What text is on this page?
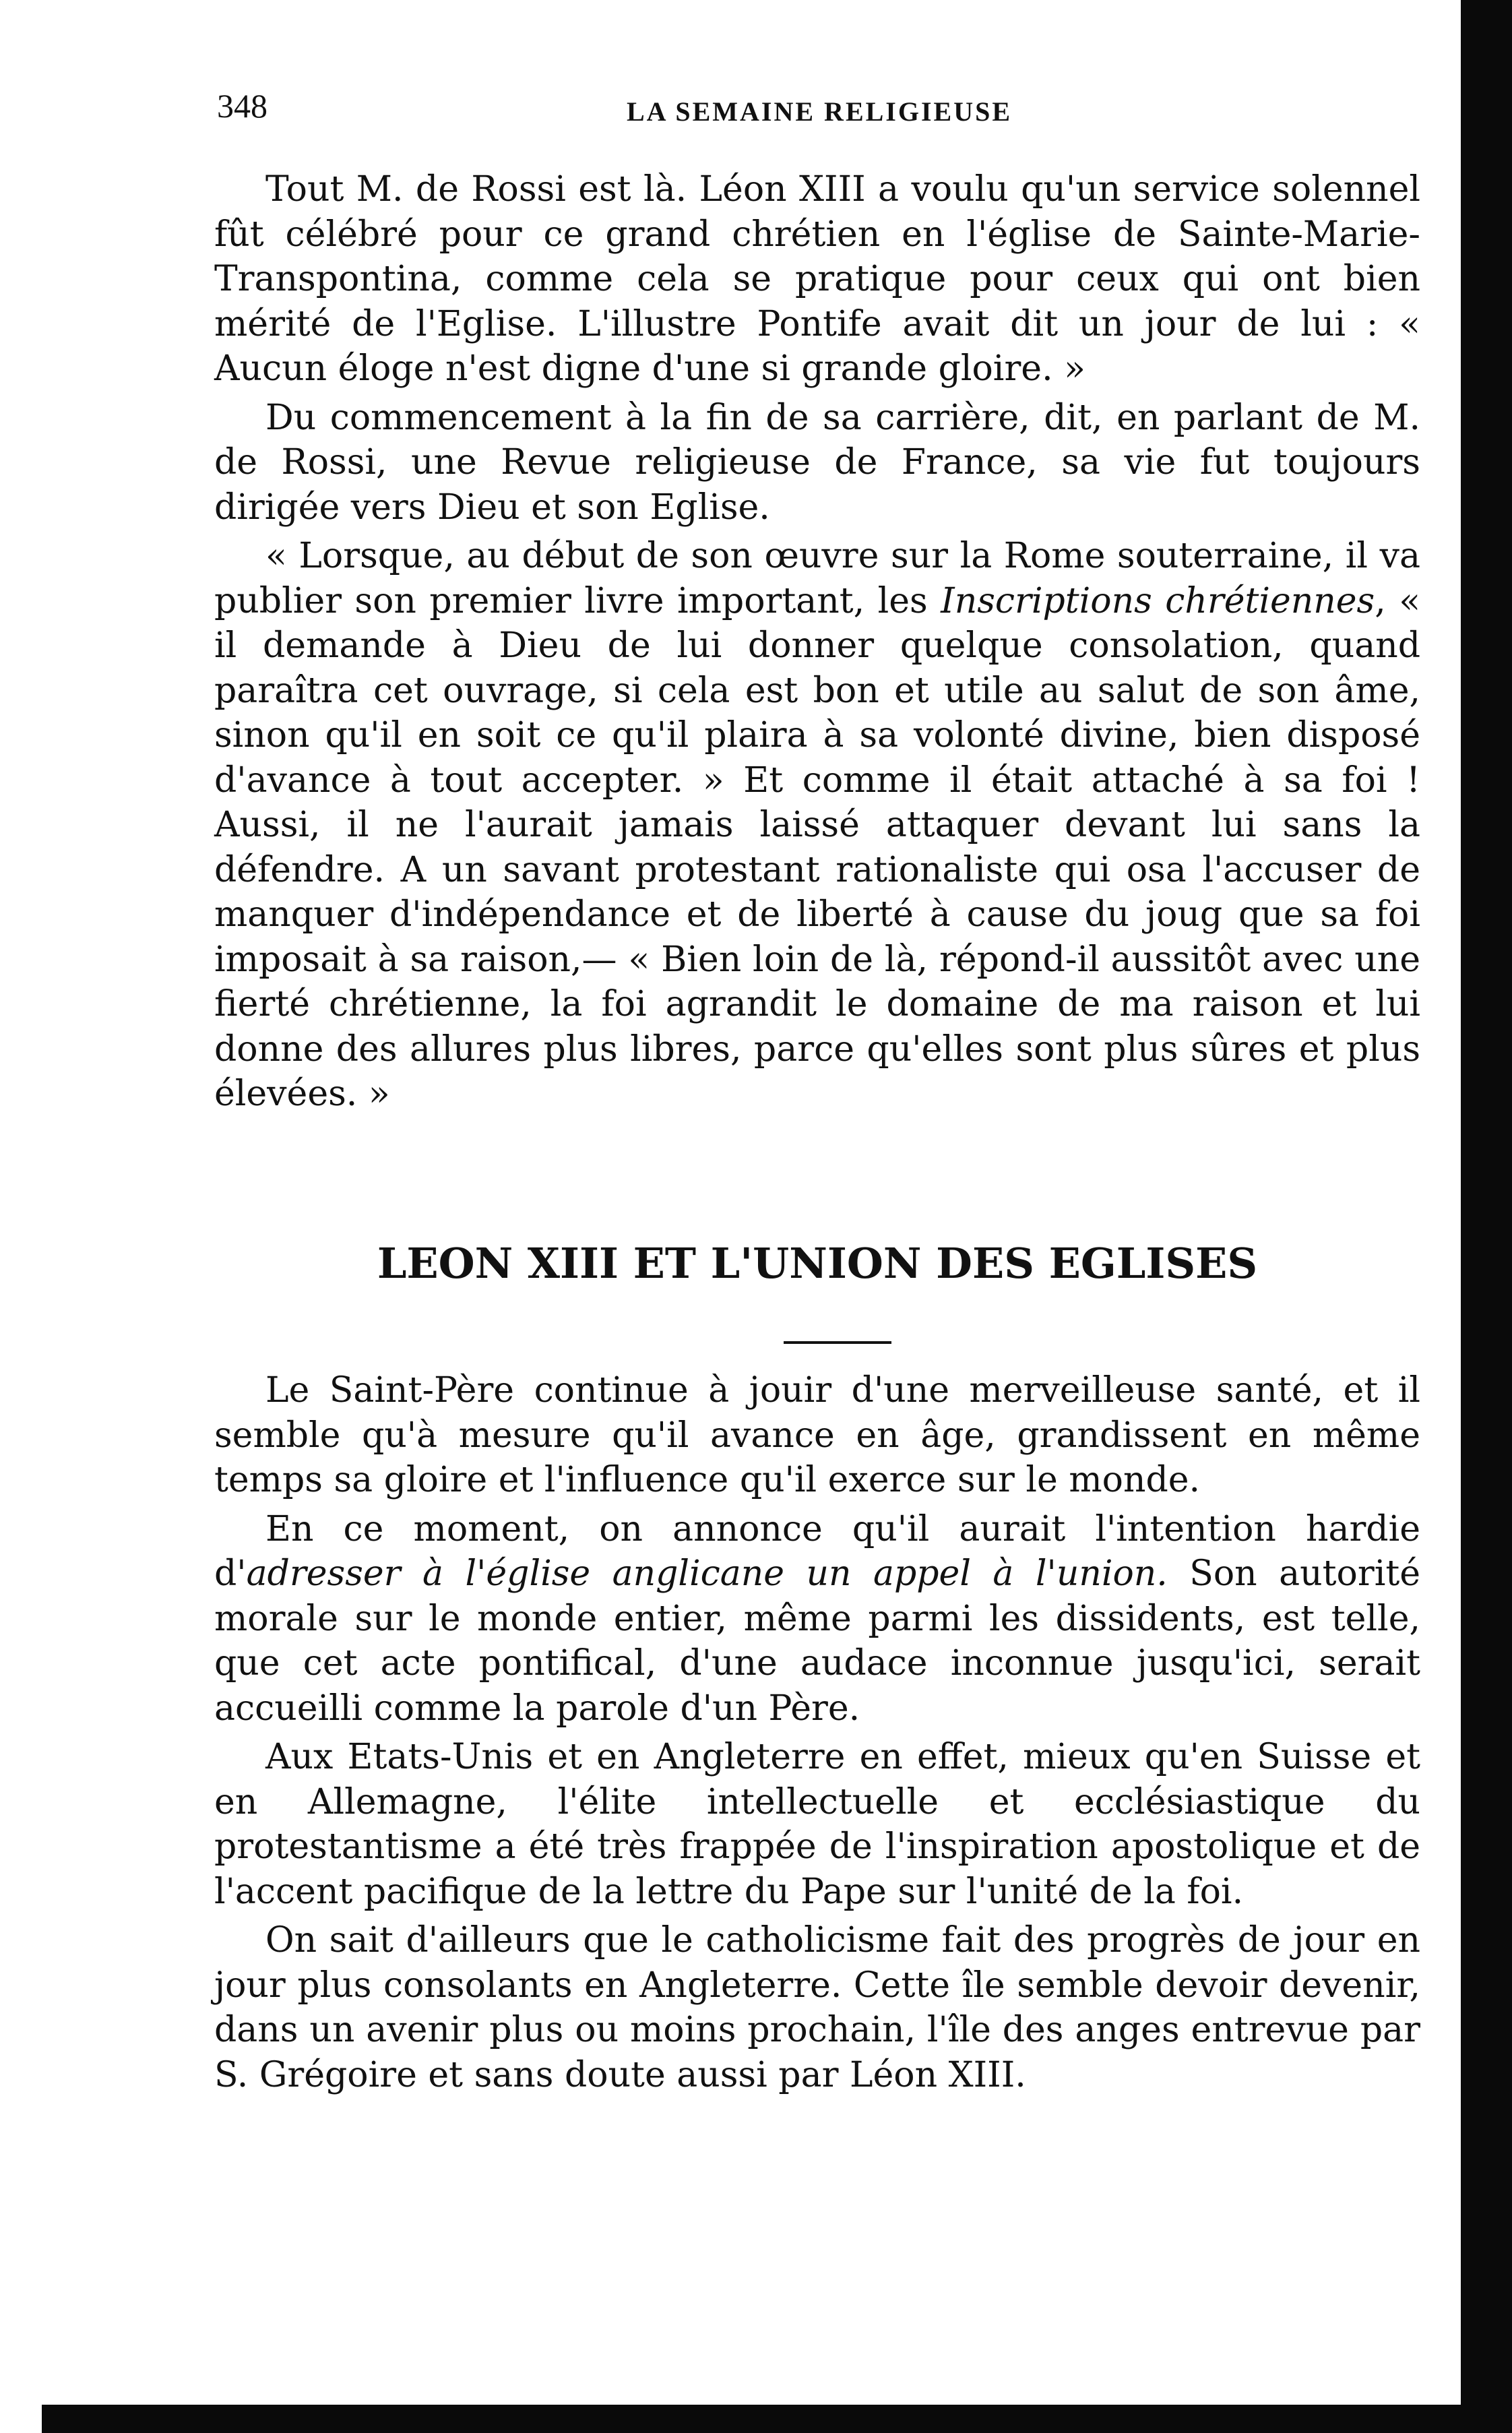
348	LA SEMAINE RELIGIEUSE

Tout M. de Rossi est là. Léon XIII a voulu qu'un service solennel fût célébré pour ce grand chrétien en l'église de Sainte-Marie-Transpontina, comme cela se pratique pour ceux qui ont bien mérité de l'Eglise. L'illustre Pontife avait dit un jour de lui : « Aucun éloge n'est digne d'une si grande gloire. »

Du commencement à la fin de sa carrière, dit, en parlant de M. de Rossi, une Revue religieuse de France, sa vie fut toujours dirigée vers Dieu et son Eglise.

« Lorsque, au début de son œuvre sur la Rome souterraine, il va publier son premier livre important, les Inscriptions chrétiennes, « il demande à Dieu de lui donner quelque consolation, quand paraîtra cet ouvrage, si cela est bon et utile au salut de son âme, sinon qu'il en soit ce qu'il plaira à sa volonté divine, bien disposé d'avance à tout accepter. » Et comme il était attaché à sa foi ! Aussi, il ne l'aurait jamais laissé attaquer devant lui sans la défendre. A un savant protestant rationaliste qui osa l'accuser de manquer d'indépendance et de liberté à cause du joug que sa foi imposait à sa raison,— « Bien loin de là, répond-il aussitôt avec une fierté chrétienne, la foi agrandit le domaine de ma raison et lui donne des allures plus libres, parce qu'elles sont plus sûres et plus élevées. »

LEON XIII ET L'UNION DES EGLISES

Le Saint-Père continue à jouir d'une merveilleuse santé, et il semble qu'à mesure qu'il avance en âge, grandissent en même temps sa gloire et l'influence qu'il exerce sur le monde.

En ce moment, on annonce qu'il aurait l'intention hardie d'adresser à l'église anglicane un appel à l'union. Son autorité morale sur le monde entier, même parmi les dissidents, est telle, que cet acte pontifical, d'une audace inconnue jusqu'ici, serait accueilli comme la parole d'un Père.

Aux Etats-Unis et en Angleterre en effet, mieux qu'en Suisse et en Allemagne, l'élite intellectuelle et ecclésiastique du protestantisme a été très frappée de l'inspiration apostolique et de l'accent pacifique de la lettre du Pape sur l'unité de la foi.

On sait d'ailleurs que le catholicisme fait des progrès de jour en jour plus consolants en Angleterre. Cette île semble devoir devenir, dans un avenir plus ou moins prochain, l'île des anges entrevue par S. Grégoire et sans doute aussi par Léon XIII.
